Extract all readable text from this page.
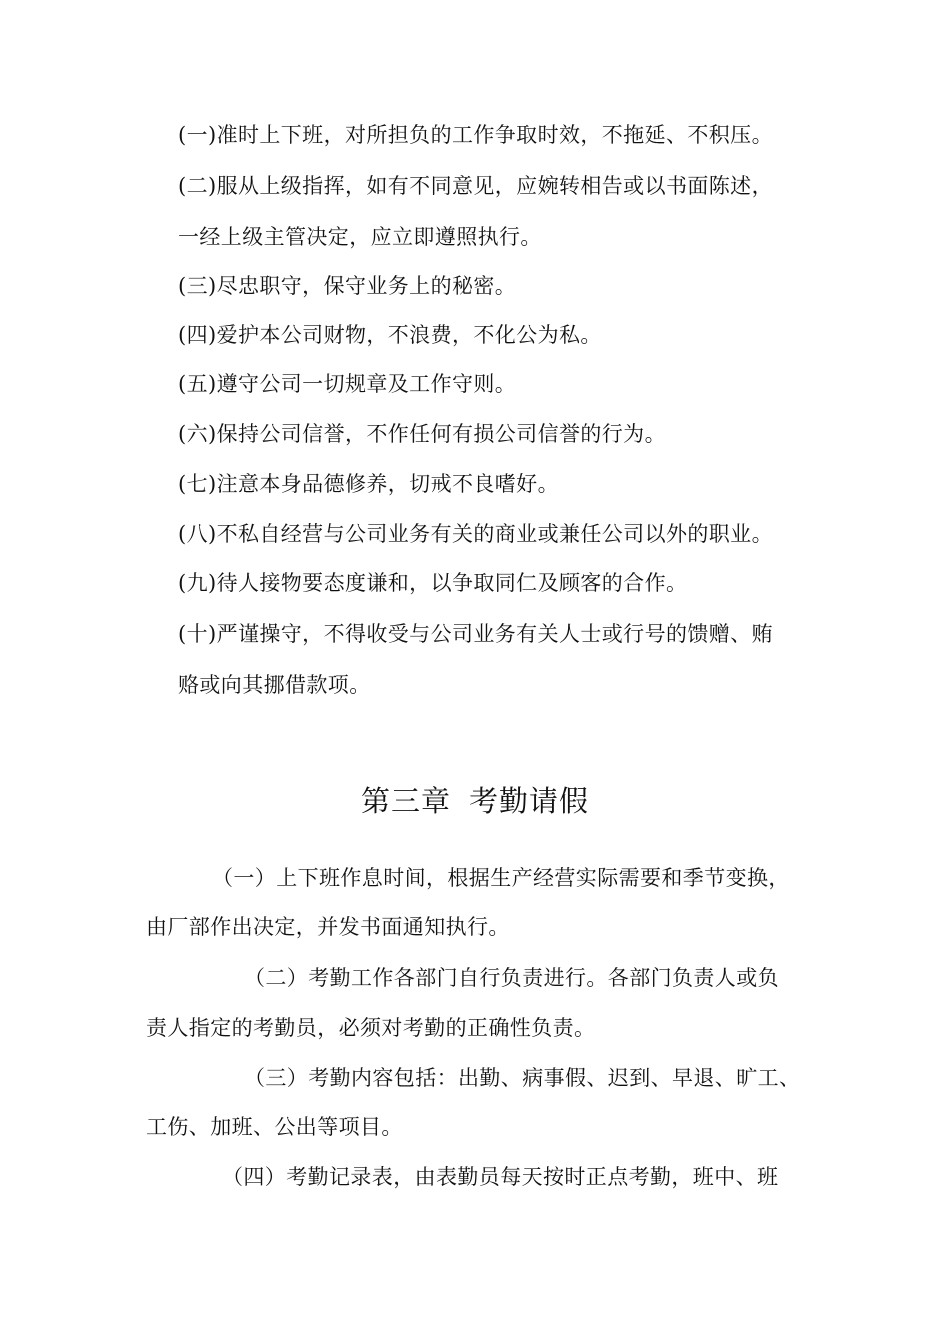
(一)准时上下班，对所担负的工作争取时效，不拖延、不积压。
(二)服从上级指挥，如有不同意见，应婉转相告或以书面陈述，
一经上级主管决定，应立即遵照执行。
(三)尽忠职守，保守业务上的秘密。
(四)爱护本公司财物，不浪费，不化公为私。
(五)遵守公司一切规章及工作守则。
(六)保持公司信誉，不作任何有损公司信誉的行为。
(七)注意本身品德修养，切戒不良嗜好。
(八)不私自经营与公司业务有关的商业或兼任公司以外的职业。
(九)待人接物要态度谦和，以争取同仁及顾客的合作。
(十)严谨操守，不得收受与公司业务有关人士或行号的馈赠、贿
赂或向其挪借款项。
第三章 考勤请假
（一）上下班作息时间，根据生产经营实际需要和季节变换，
由厂部作出决定，并发书面通知执行。
（二）考勤工作各部门自行负责进行。各部门负责人或负
责人指定的考勤员，必须对考勤的正确性负责。
（三）考勤内容包括：出勤、病事假、迟到、早退、旷工、
工伤、加班、公出等项目。
（四）考勤记录表，由表勤员每天按时正点考勤，班中、班
